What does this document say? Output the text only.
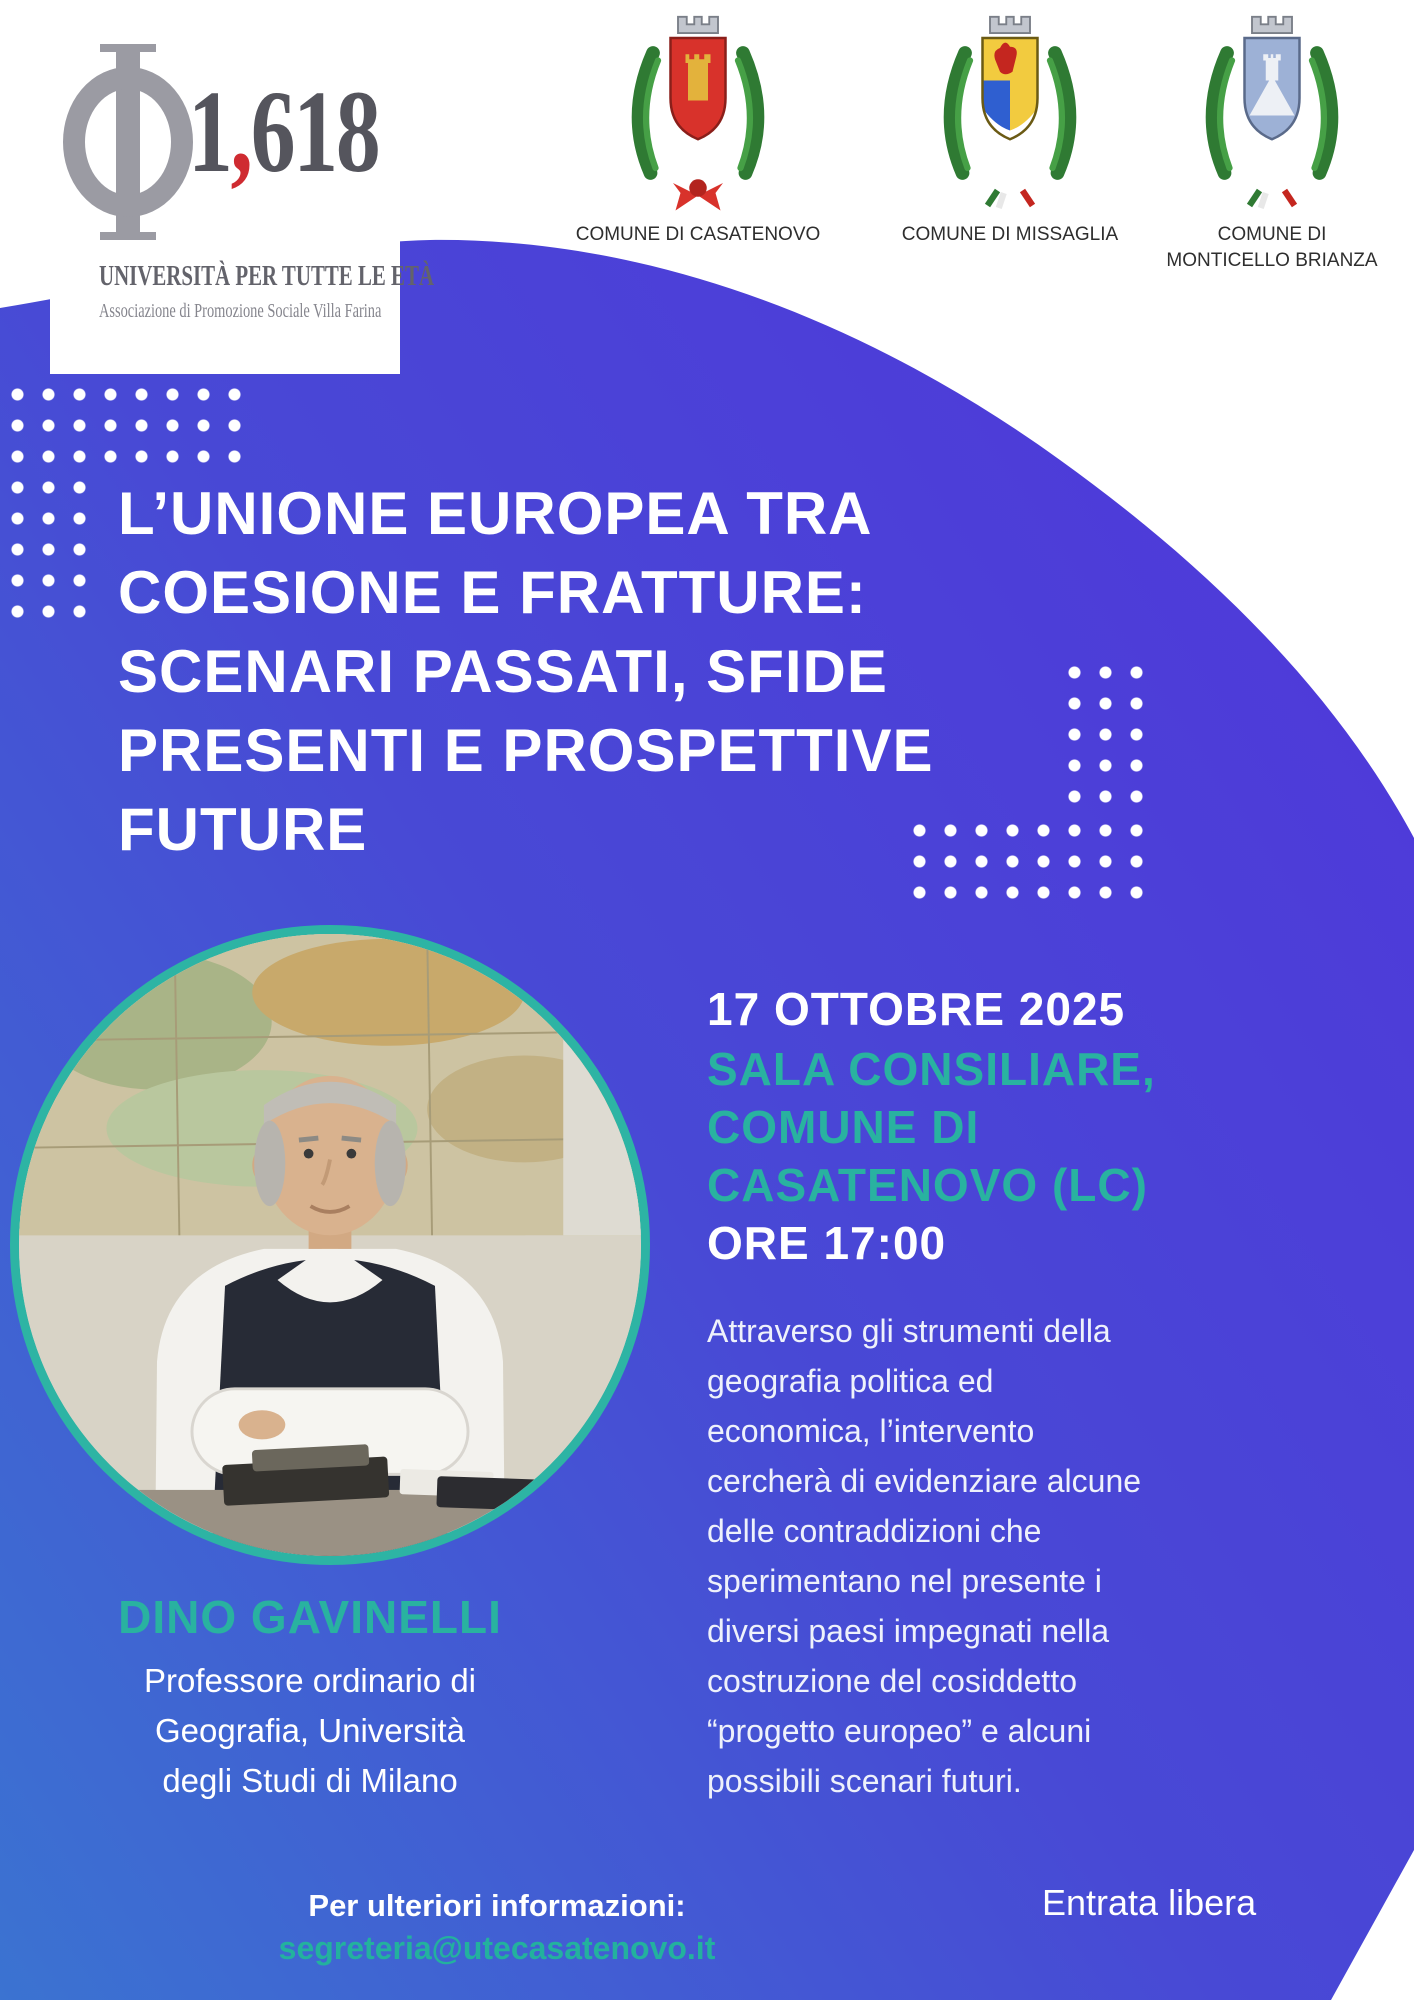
1,618
UNIVERSITÀ PER TUTTE LE ETÀ
Associazione di Promozione Sociale Villa Farina
COMUNE DI CASATENOVO	COMUNE DI MISSAGLIA	COMUNE DI
MONTICELLO BRIANZA
L’UNIONE EUROPEA TRA
COESIONE E FRATTURE:
SCENARI PASSATI, SFIDE
PRESENTI E PROSPETTIVE
FUTURE
17 OTTOBRE 2025
SALA CONSILIARE,
COMUNE DI
CASATENOVO (LC)
ORE 17:00
Attraverso gli strumenti della
geografia politica ed
economica, l’intervento
cercherà di evidenziare alcune
delle contraddizioni che
sperimentano nel presente i
diversi paesi impegnati nella
costruzione del cosiddetto
“progetto europeo” e alcuni
possibili scenari futuri.
DINO GAVINELLI
Professore ordinario di
Geografia, Università
degli Studi di Milano
Per ulteriori informazioni:
segreteria@utecasatenovo.it
Entrata libera
